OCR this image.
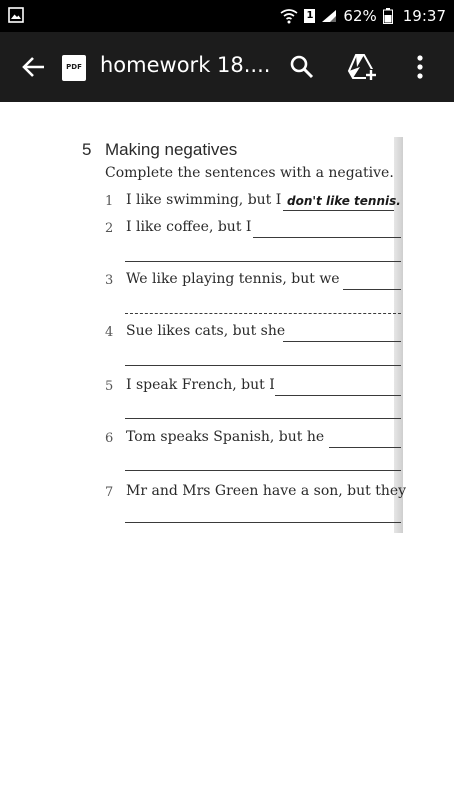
1 62% 19:37
PDF homework 18....
5 Making negatives
Complete the sentences with a negative.
1 I like swimming, but I don't like tennis.
2 I like coffee, but I
3 We like playing tennis, but we
4 Sue likes cats, but she
5 I speak French, but I
6 Tom speaks Spanish, but he
7 Mr and Mrs Green have a son, but they
